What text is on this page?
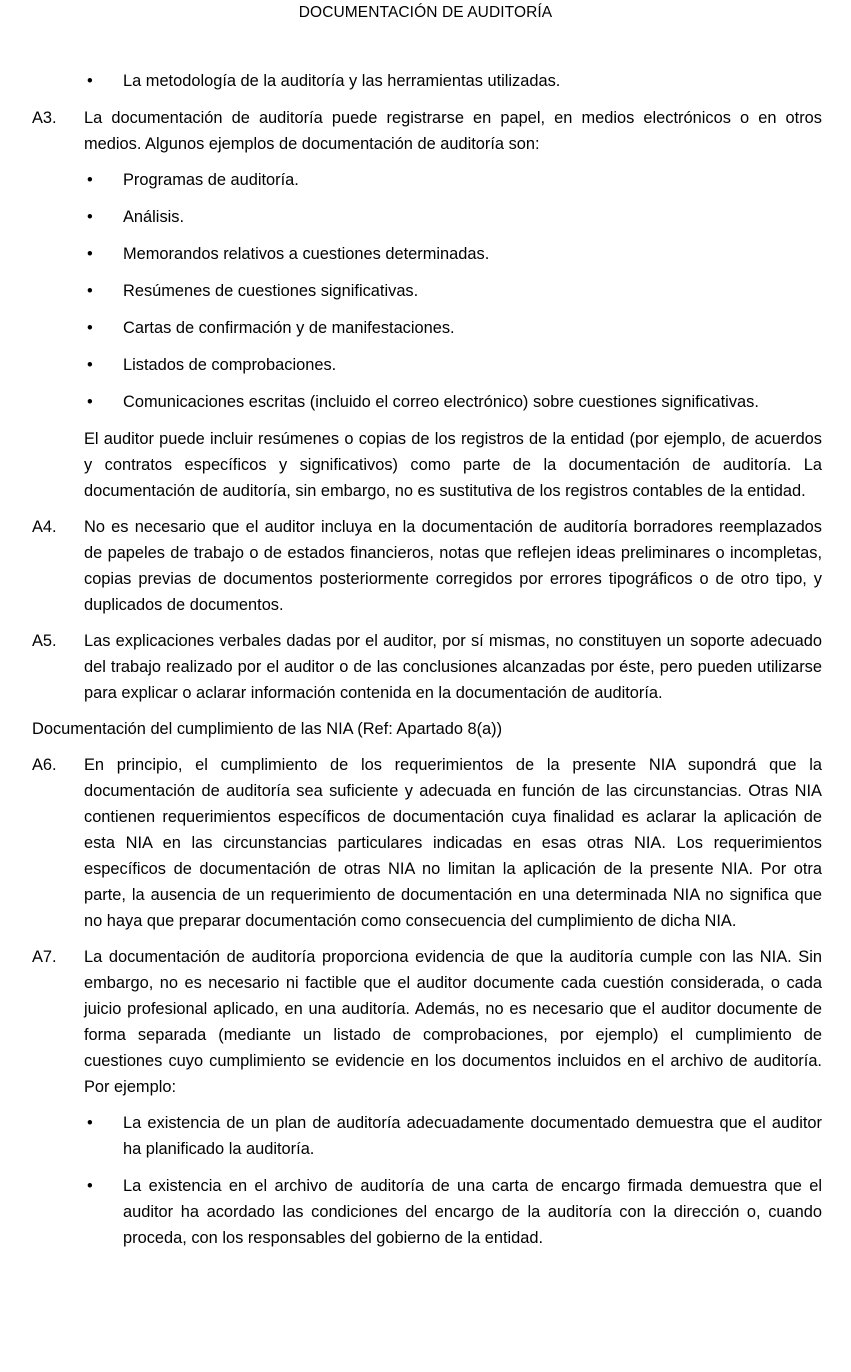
DOCUMENTACIÓN DE AUDITORÍA
•	La metodología de la auditoría y las herramientas utilizadas.
A3. La documentación de auditoría puede registrarse en papel, en medios electrónicos o en otros medios. Algunos ejemplos de documentación de auditoría son:
•	Programas de auditoría.
•	Análisis.
•	Memorandos relativos a cuestiones determinadas.
•	Resúmenes de cuestiones significativas.
•	Cartas de confirmación y de manifestaciones.
•	Listados de comprobaciones.
•	Comunicaciones escritas (incluido el correo electrónico) sobre cuestiones significativas.
El auditor puede incluir resúmenes o copias de los registros de la entidad (por ejemplo, de acuerdos y contratos específicos y significativos) como parte de la documentación de auditoría. La documentación de auditoría, sin embargo, no es sustitutiva de los registros contables de la entidad.
A4. No es necesario que el auditor incluya en la documentación de auditoría borradores reemplazados de papeles de trabajo o de estados financieros, notas que reflejen ideas preliminares o incompletas, copias previas de documentos posteriormente corregidos por errores tipográficos o de otro tipo, y duplicados de documentos.
A5. Las explicaciones verbales dadas por el auditor, por sí mismas, no constituyen un soporte adecuado del trabajo realizado por el auditor o de las conclusiones alcanzadas por éste, pero pueden utilizarse para explicar o aclarar información contenida en la documentación de auditoría.
Documentación del cumplimiento de las NIA (Ref: Apartado 8(a))
A6. En principio, el cumplimiento de los requerimientos de la presente NIA supondrá que la documentación de auditoría sea suficiente y adecuada en función de las circunstancias. Otras NIA contienen requerimientos específicos de documentación cuya finalidad es aclarar la aplicación de esta NIA en las circunstancias particulares indicadas en esas otras NIA. Los requerimientos específicos de documentación de otras NIA no limitan la aplicación de la presente NIA. Por otra parte, la ausencia de un requerimiento de documentación en una determinada NIA no significa que no haya que preparar documentación como consecuencia del cumplimiento de dicha NIA.
A7. La documentación de auditoría proporciona evidencia de que la auditoría cumple con las NIA. Sin embargo, no es necesario ni factible que el auditor documente cada cuestión considerada, o cada juicio profesional aplicado, en una auditoría. Además, no es necesario que el auditor documente de forma separada (mediante un listado de comprobaciones, por ejemplo) el cumplimiento de cuestiones cuyo cumplimiento se evidencie en los documentos incluidos en el archivo de auditoría. Por ejemplo:
•	La existencia de un plan de auditoría adecuadamente documentado demuestra que el auditor ha planificado la auditoría.
•	La existencia en el archivo de auditoría de una carta de encargo firmada demuestra que el auditor ha acordado las condiciones del encargo de la auditoría con la dirección o, cuando proceda, con los responsables del gobierno de la entidad.
